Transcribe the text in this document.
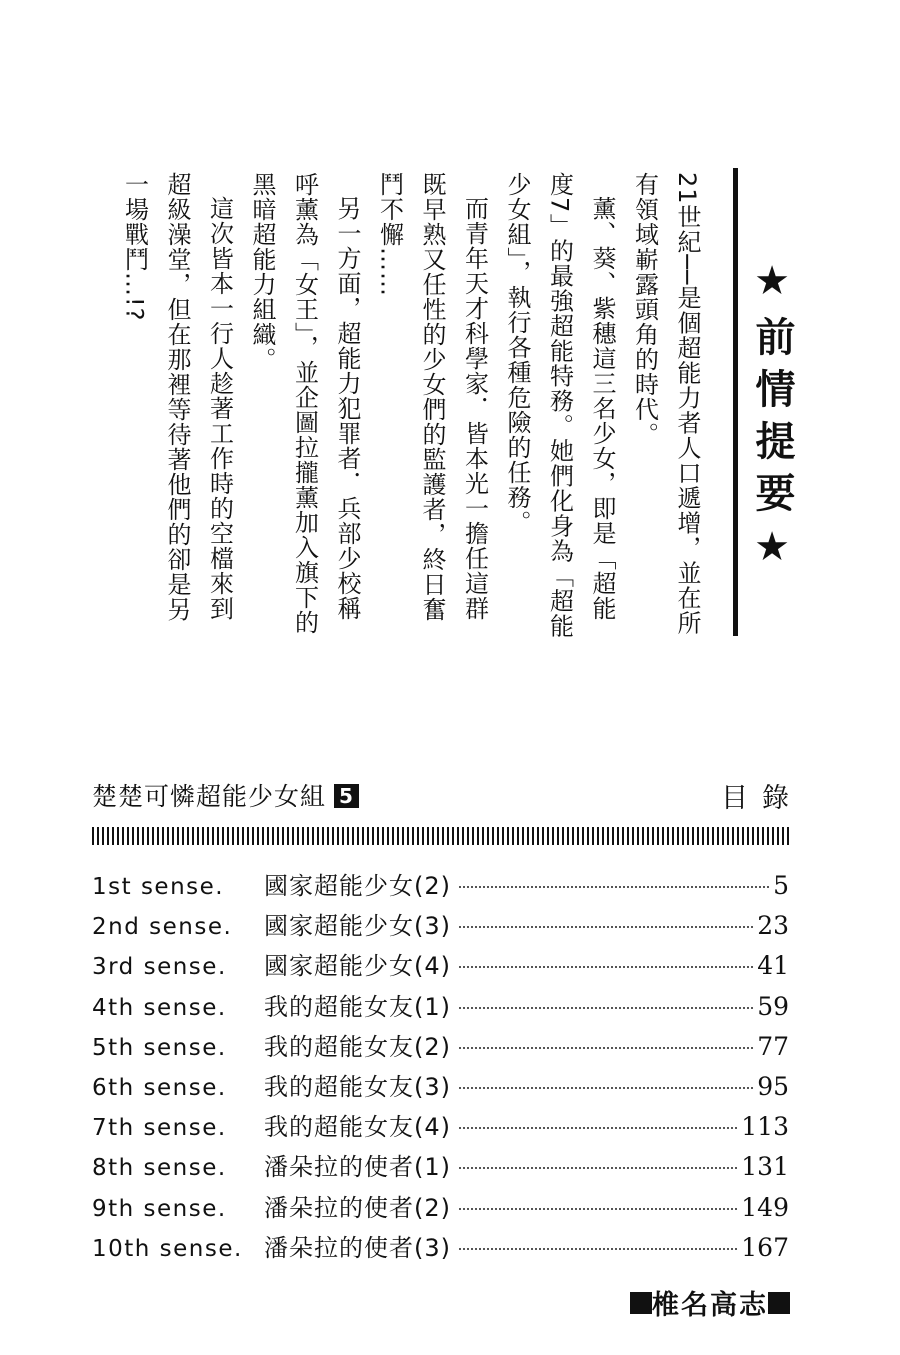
★前情提要★

21世紀──是個超能力者人口遞增，並在所有領域嶄露頭角的時代。

薰、葵、紫穗這三名少女，即是「超能度7」的最強超能特務。她們化身為「超能少女組」，執行各種危險的任務。

而青年天才科學家．皆本光一擔任這群既早熟又任性的少女們的監護者，終日奮鬥不懈……

另一方面，超能力犯罪者．兵部少校稱呼薰為「女王」，並企圖拉攏薰加入旗下的黑暗超能力組織。

這次皆本一行人趁著工作時的空檔來到超級澡堂，但在那裡等待著他們的卻是另一場戰鬥…!?

楚楚可憐超能少女組 5	目錄
1st sense.	國家超能少女(2)	5
2nd sense.	國家超能少女(3)	23
3rd sense.	國家超能少女(4)	41
4th sense.	我的超能女友(1)	59
5th sense.	我的超能女友(2)	77
6th sense.	我的超能女友(3)	95
7th sense.	我的超能女友(4)	113
8th sense.	潘朵拉的使者(1)	131
9th sense.	潘朵拉的使者(2)	149
10th sense. 潘朵拉的使者(3)	167
椎名高志
